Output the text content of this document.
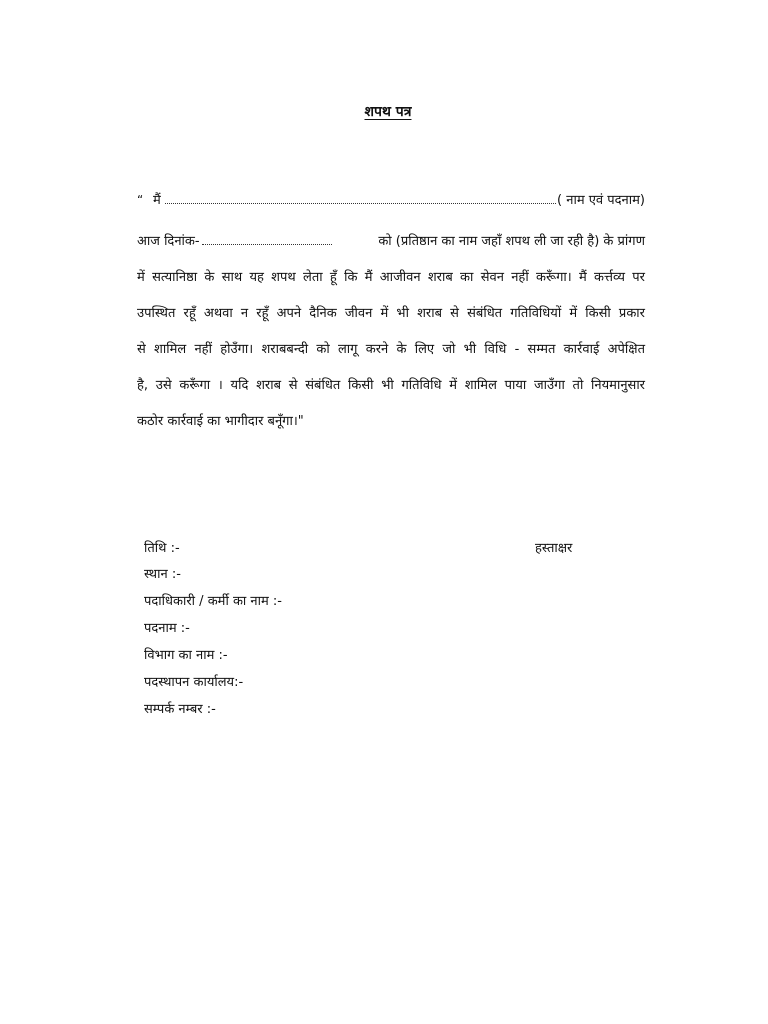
शपथ पत्र
“ मैं	( नाम एवं पदनाम)
आज दिनांक-	को (प्रतिष्ठान का नाम जहाँ शपथ ली जा रही है) के प्रांगण
में सत्यानिष्ठा के साथ यह शपथ लेता हूँ कि मैं आजीवन शराब का सेवन नहीं करूँगा। मैं कर्त्तव्य पर
उपस्थित रहूँ अथवा न रहूँ अपने दैनिक जीवन में भी शराब से संबंधित गतिविधियों में किसी प्रकार
से शामिल नहीं होउँगा। शराबबन्दी को लागू करने के लिए जो भी विधि - सम्मत कार्रवाई अपेक्षित
है, उसे करूँगा । यदि शराब से संबंधित किसी भी गतिविधि में शामिल पाया जाउँगा तो नियमानुसार
कठोर कार्रवाई का भागीदार बनूँगा।"
तिथि :-	हस्ताक्षर
स्थान :-
पदाधिकारी / कर्मी का नाम :-
पदनाम :-
विभाग का नाम :-
पदस्थापन कार्यालय:-
सम्पर्क नम्बर :-
